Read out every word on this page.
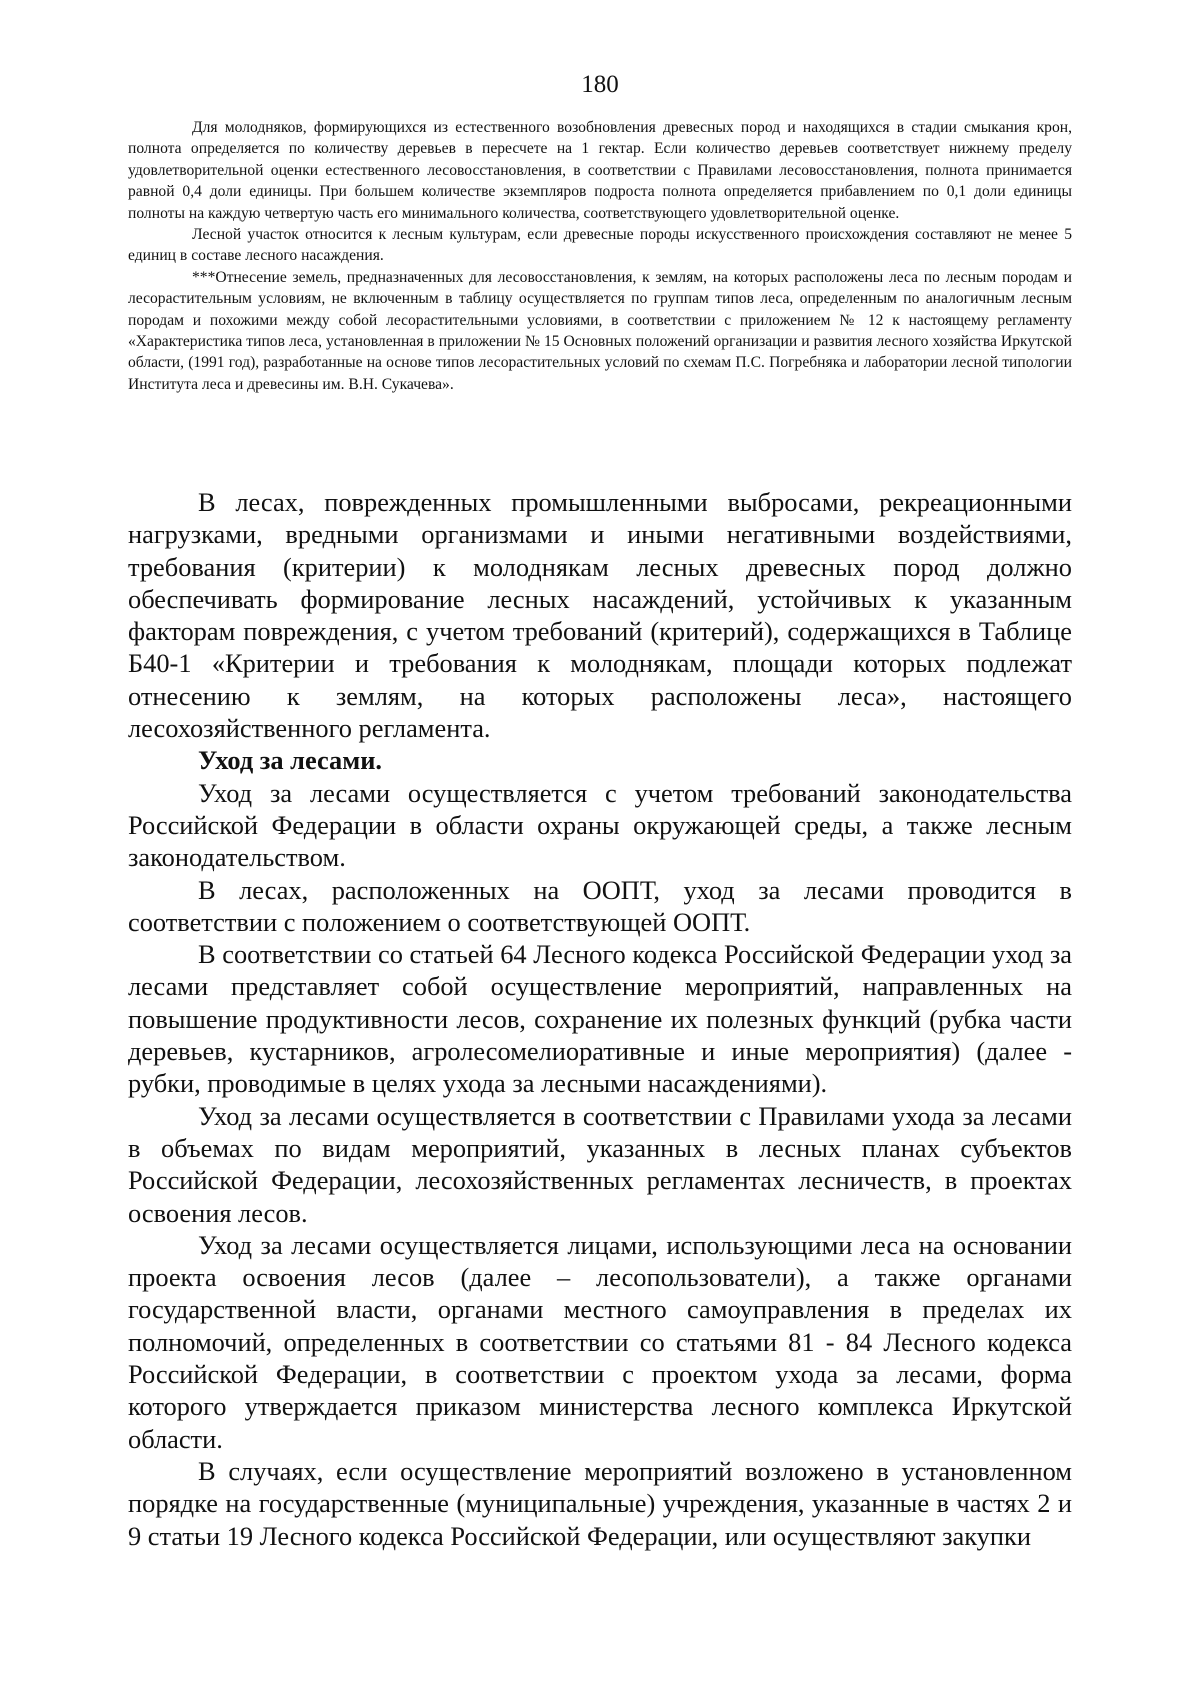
180

Для молодняков, формирующихся из естественного возобновления древесных пород и находящихся в стадии смыкания крон, полнота определяется по количеству деревьев в пересчете на 1 гектар. Если количество деревьев соответствует нижнему пределу удовлетворительной оценки естественного лесовосстановления, в соответствии с Правилами лесовосстановления, полнота принимается равной 0,4 доли единицы. При большем количестве экземпляров подроста полнота определяется прибавлением по 0,1 доли единицы полноты на каждую четвертую часть его минимального количества, соответствующего удовлетворительной оценке.

Лесной участок относится к лесным культурам, если древесные породы искусственного происхождения составляют не менее 5 единиц в составе лесного насаждения.

***Отнесение земель, предназначенных для лесовосстановления, к землям, на которых расположены леса по лесным породам и лесорастительным условиям, не включенным в таблицу осуществляется по группам типов леса, определенным по аналогичным лесным породам и похожими между собой лесорастительными условиями, в соответствии с приложением № 12 к настоящему регламенту «Характеристика типов леса, установленная в приложении № 15 Основных положений организации и развития лесного хозяйства Иркутской области, (1991 год), разработанные на основе типов лесорастительных условий по схемам П.С. Погребняка и лаборатории лесной типологии Института леса и древесины им. В.Н. Сукачева».

В лесах, поврежденных промышленными выбросами, рекреационными нагрузками, вредными организмами и иными негативными воздействиями, требования (критерии) к молоднякам лесных древесных пород должно обеспечивать формирование лесных насаждений, устойчивых к указанным факторам повреждения, с учетом требований (критерий), содержащихся в Таблице Б40-1 «Критерии и требования к молоднякам, площади которых подлежат отнесению к землям, на которых расположены леса», настоящего лесохозяйственного регламента.

Уход за лесами.

Уход за лесами осуществляется с учетом требований законодательства Российской Федерации в области охраны окружающей среды, а также лесным законодательством.

В лесах, расположенных на ООПТ, уход за лесами проводится в соответствии с положением о соответствующей ООПТ.

В соответствии со статьей 64 Лесного кодекса Российской Федерации уход за лесами представляет собой осуществление мероприятий, направленных на повышение продуктивности лесов, сохранение их полезных функций (рубка части деревьев, кустарников, агролесомелиоративные и иные мероприятия) (далее - рубки, проводимые в целях ухода за лесными насаждениями).

Уход за лесами осуществляется в соответствии с Правилами ухода за лесами в объемах по видам мероприятий, указанных в лесных планах субъектов Российской Федерации, лесохозяйственных регламентах лесничеств, в проектах освоения лесов.

Уход за лесами осуществляется лицами, использующими леса на основании проекта освоения лесов (далее – лесопользователи), а также органами государственной власти, органами местного самоуправления в пределах их полномочий, определенных в соответствии со статьями 81 - 84 Лесного кодекса Российской Федерации, в соответствии с проектом ухода за лесами, форма которого утверждается приказом министерства лесного комплекса Иркутской области.

В случаях, если осуществление мероприятий возложено в установленном порядке на государственные (муниципальные) учреждения, указанные в частях 2 и 9 статьи 19 Лесного кодекса Российской Федерации, или осуществляют закупки
